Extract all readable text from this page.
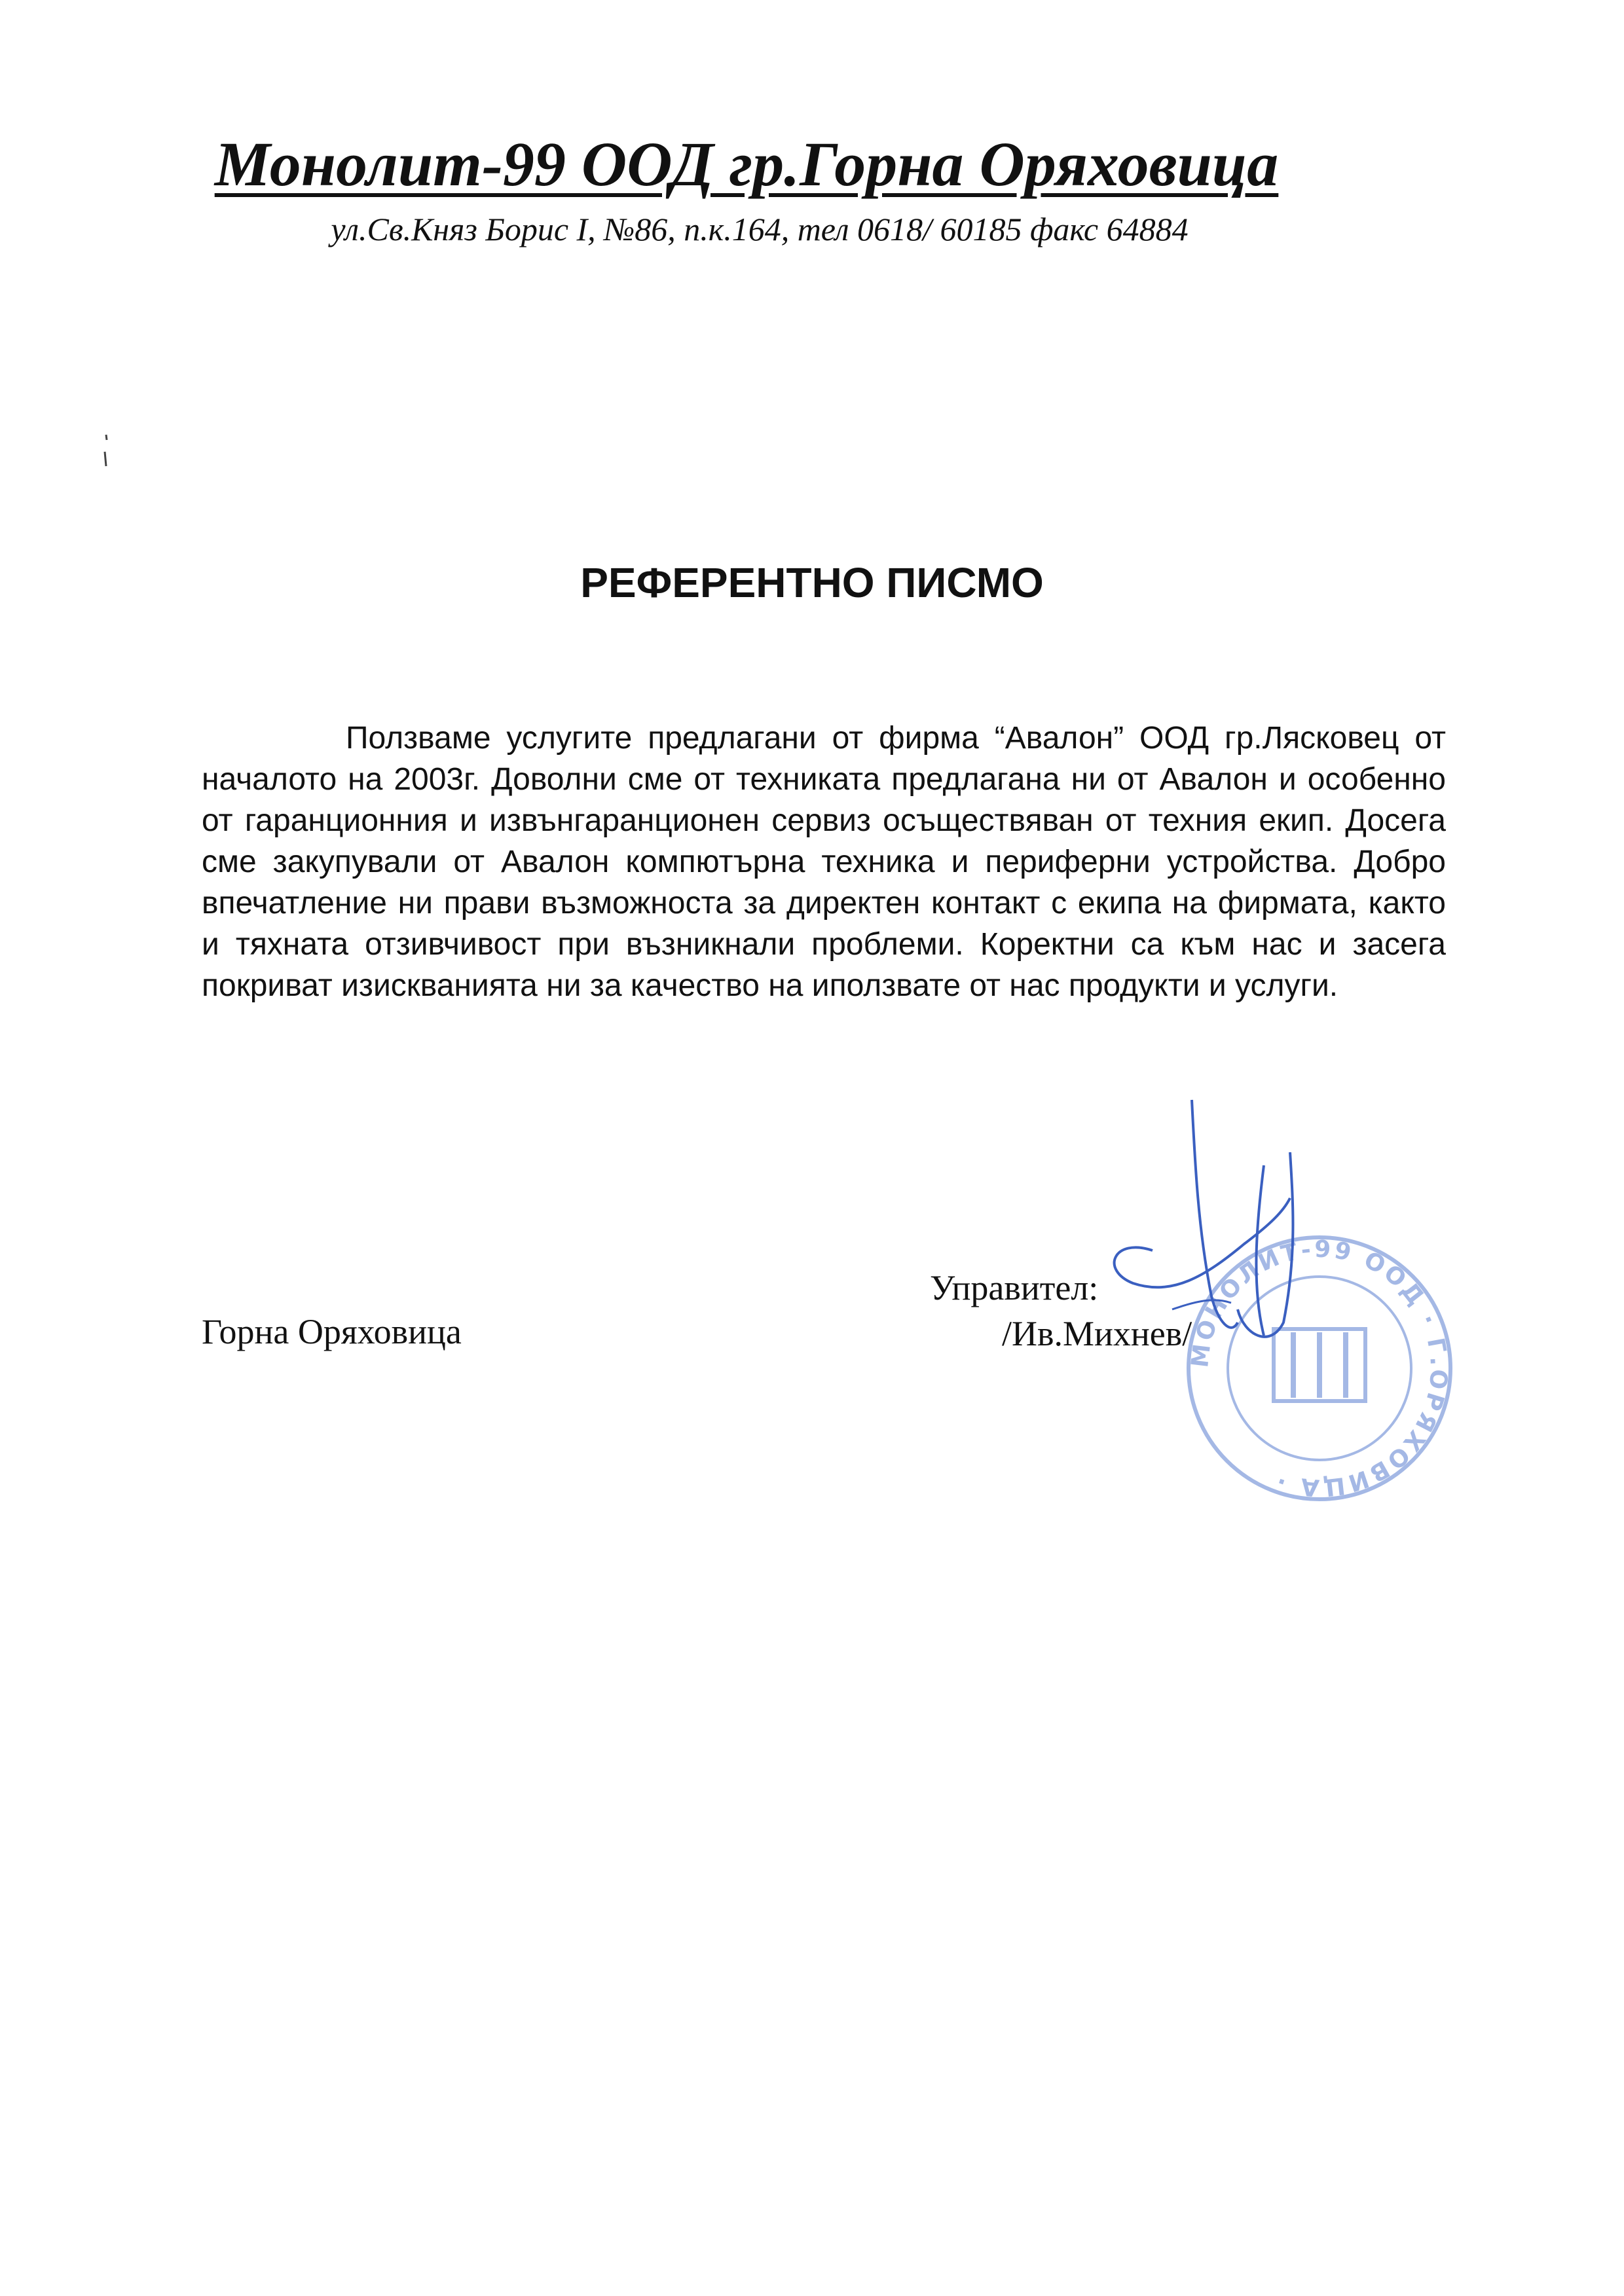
Монолит-99 ООД гр.Горна Оряховица
ул.Св.Княз Борис I, №86, п.к.164, тел 0618/ 60185 факс 64884
РЕФЕРЕНТНО ПИСМО

Ползваме услугите предлагани от фирма “Авалон” ООД гр.Лясковец от началото на 2003г. Доволни сме от техниката предлагана ни от Авалон и особенно от гаранционния и извънгаранционен сервиз осъществяван от техния екип. Досега сме закупували от Авалон компютърна техника и периферни устройства. Добро впечатление ни прави възможноста за директен контакт с екипа на фирмата, както и тяхната отзивчивост при възникнали проблеми. Коректни са към нас и засега покриват изискванията ни за качество на иползвате от нас продукти и услуги.

Управител:
/Ив.Михнев/
Горна Оряховица
МОНОЛИТ-99 ООД · Г.ОРЯХОВИЦА ·
